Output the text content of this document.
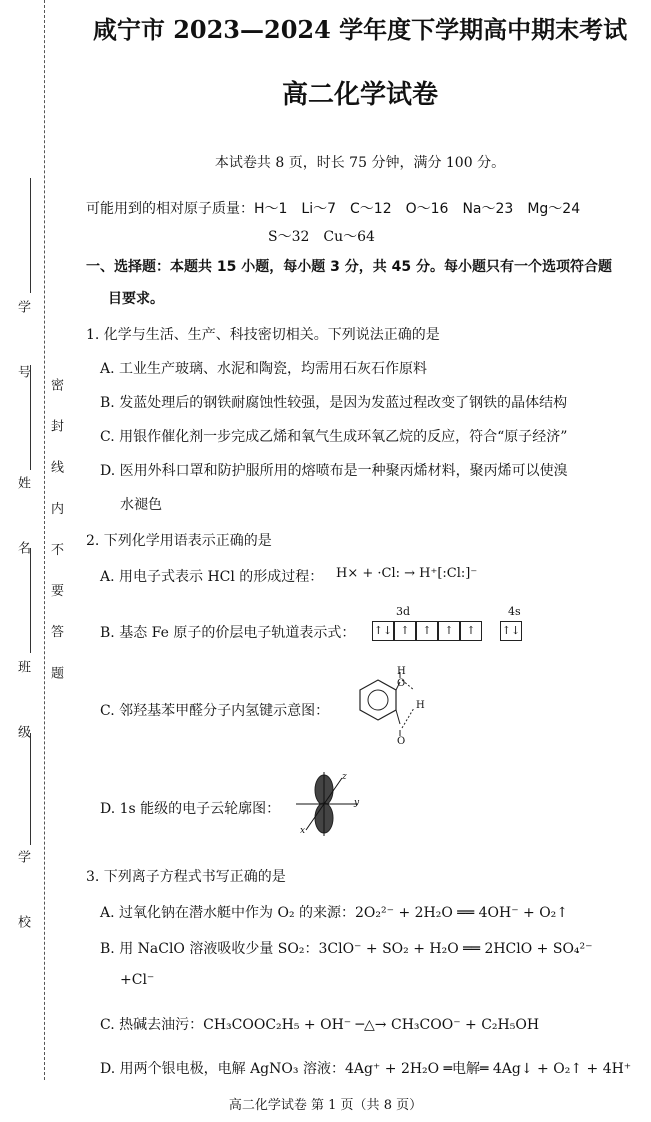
密 封 线 内 不 要 答 题
学 号
姓 名
班 级
学 校
咸宁市 2023—2024 学年度下学期高中期末考试
高二化学试卷
本试卷共 8 页，时长 75 分钟，满分 100 分。
可能用到的相对原子质量：H～1　Li～7　C～12　O～16　Na～23　Mg～24
S～32　Cu～64
一、选择题：本题共 15 小题，每小题 3 分，共 45 分。每小题只有一个选项符合题
目要求。
1. 化学与生活、生产、科技密切相关。下列说法正确的是
A. 工业生产玻璃、水泥和陶瓷，均需用石灰石作原料
B. 发蓝处理后的钢铁耐腐蚀性较强，是因为发蓝过程改变了钢铁的晶体结构
C. 用银作催化剂一步完成乙烯和氧气生成环氧乙烷的反应，符合“原子经济”
D. 医用外科口罩和防护服所用的熔喷布是一种聚丙烯材料，聚丙烯可以使溴
水褪色
2. 下列化学用语表示正确的是
A. 用电子式表示 HCl 的形成过程： H× + ·Cl: → H⁺[:Cl:]⁻
B. 基态 Fe 原子的价层电子轨道表示式：
3d	4s
↑↓ ↑ ↑ ↑ ↑	↑↓
C. 邻羟基苯甲醛分子内氢键示意图：
H
O
H
O
D. 1s 能级的电子云轮廓图：
z
y
x
3. 下列离子方程式书写正确的是
A. 过氧化钠在潜水艇中作为 O₂ 的来源：2O₂²⁻ + 2H₂O ══ 4OH⁻ + O₂↑
B. 用 NaClO 溶液吸收少量 SO₂：3ClO⁻ + SO₂ + H₂O ══ 2HClO + SO₄²⁻
+Cl⁻
C. 热碱去油污：CH₃COOC₂H₅ + OH⁻ ─△→ CH₃COO⁻ + C₂H₅OH
D. 用两个银电极，电解 AgNO₃ 溶液：4Ag⁺ + 2H₂O ═电解═ 4Ag↓ + O₂↑ + 4H⁺
高二化学试卷 第 1 页（共 8 页）
